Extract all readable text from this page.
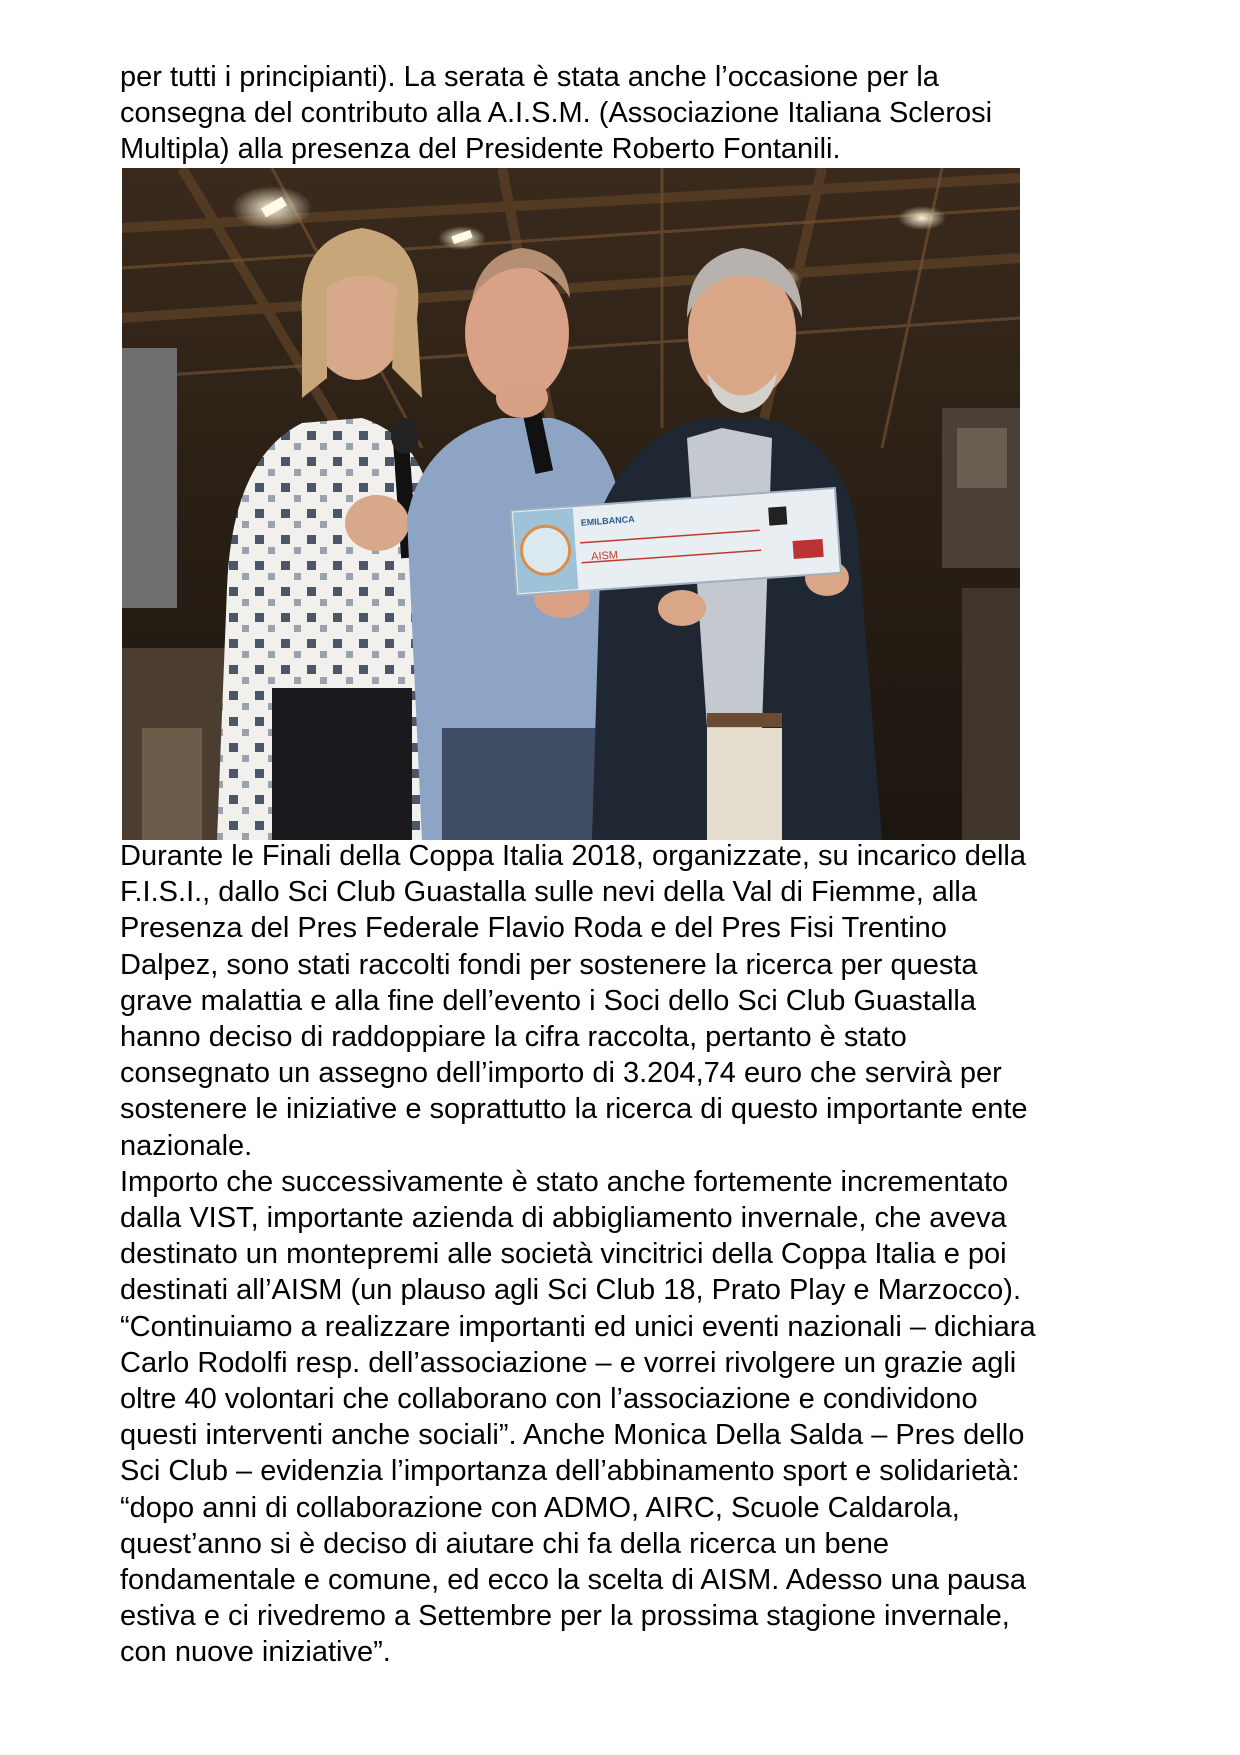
per tutti i principianti). La serata è stata anche l’occasione per la
consegna del contributo alla A.I.S.M. (Associazione Italiana Sclerosi
Multipla) alla presenza del Presidente Roberto Fontanili.

EMILBANCA
AISM

Durante le Finali della Coppa Italia 2018, organizzate, su incarico della
F.I.S.I., dallo Sci Club Guastalla sulle nevi della Val di Fiemme, alla
Presenza del Pres Federale Flavio Roda e del Pres Fisi Trentino
Dalpez, sono stati raccolti fondi per sostenere la ricerca per questa
grave malattia e alla fine dell’evento i Soci dello Sci Club Guastalla
hanno deciso di raddoppiare la cifra raccolta, pertanto è stato
consegnato un assegno dell’importo di 3.204,74 euro che servirà per
sostenere le iniziative e soprattutto la ricerca di questo importante ente
nazionale.
Importo che successivamente è stato anche fortemente incrementato
dalla VIST, importante azienda di abbigliamento invernale, che aveva
destinato un montepremi alle società vincitrici della Coppa Italia e poi
destinati all’AISM (un plauso agli Sci Club 18, Prato Play e Marzocco).
“Continuiamo a realizzare importanti ed unici eventi nazionali – dichiara
Carlo Rodolfi resp. dell’associazione – e vorrei rivolgere un grazie agli
oltre 40 volontari che collaborano con l’associazione e condividono
questi interventi anche sociali”. Anche Monica Della Salda – Pres dello
Sci Club – evidenzia l’importanza dell’abbinamento sport e solidarietà:
“dopo anni di collaborazione con ADMO, AIRC, Scuole Caldarola,
quest’anno si è deciso di aiutare chi fa della ricerca un bene
fondamentale e comune, ed ecco la scelta di AISM. Adesso una pausa
estiva e ci rivedremo a Settembre per la prossima stagione invernale,
con nuove iniziative”.
